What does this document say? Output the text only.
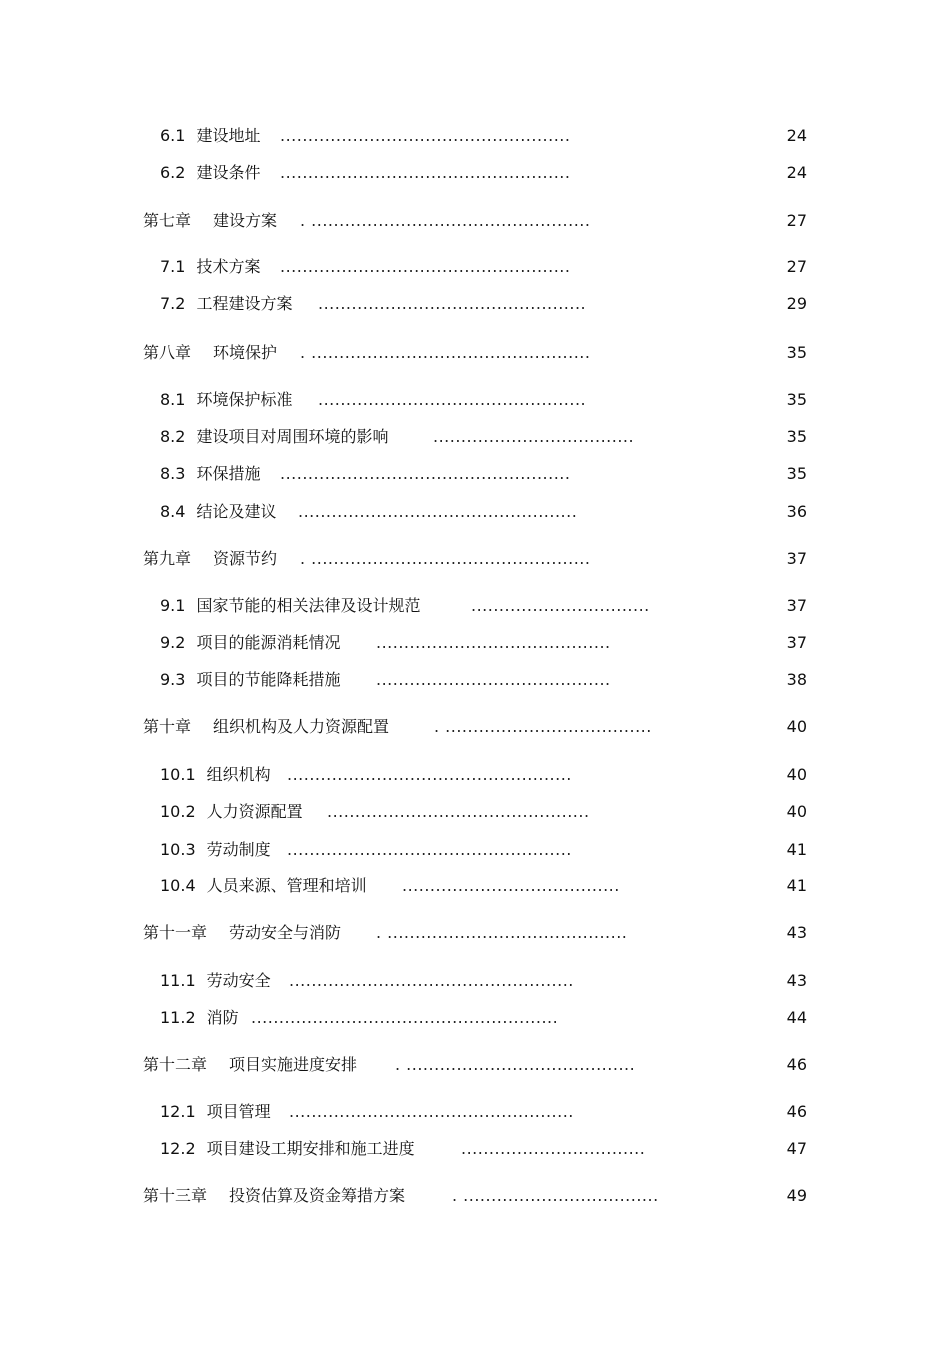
6.1 建设地址 ....................................................	24
6.2 建设条件 ....................................................	24
第七章 建设方案 . ..................................................	27
7.1 技术方案 ....................................................	27
7.2 工程建设方案 ................................................	29
第八章 环境保护 . ..................................................	35
8.1 环境保护标准 ................................................	35
8.2 建设项目对周围环境的影响	....................................	35
8.3 环保措施 ....................................................	35
8.4 结论及建议 ..................................................	36
第九章 资源节约 . ..................................................	37
9.1 国家节能的相关法律及设计规范	................................	37
9.2 项目的能源消耗情况 ..........................................	37
9.3 项目的节能降耗措施 ..........................................	38
第十章 组织机构及人力资源配置	. .....................................	40
10.1 组织机构 ...................................................	40
10.2 人力资源配置 ...............................................	40
10.3 劳动制度 ...................................................	41
10.4 人员来源、管理和培训 .......................................	41
第十一章 劳动安全与消防 . ...........................................	43
11.1 劳动安全 ...................................................	43
11.2 消防 .......................................................	44
第十二章 项目实施进度安排 . .........................................	46
12.1 项目管理 ...................................................	46
12.2 项目建设工期安排和施工进度	.................................	47
第十三章 投资估算及资金筹措方案	. ...................................	49
